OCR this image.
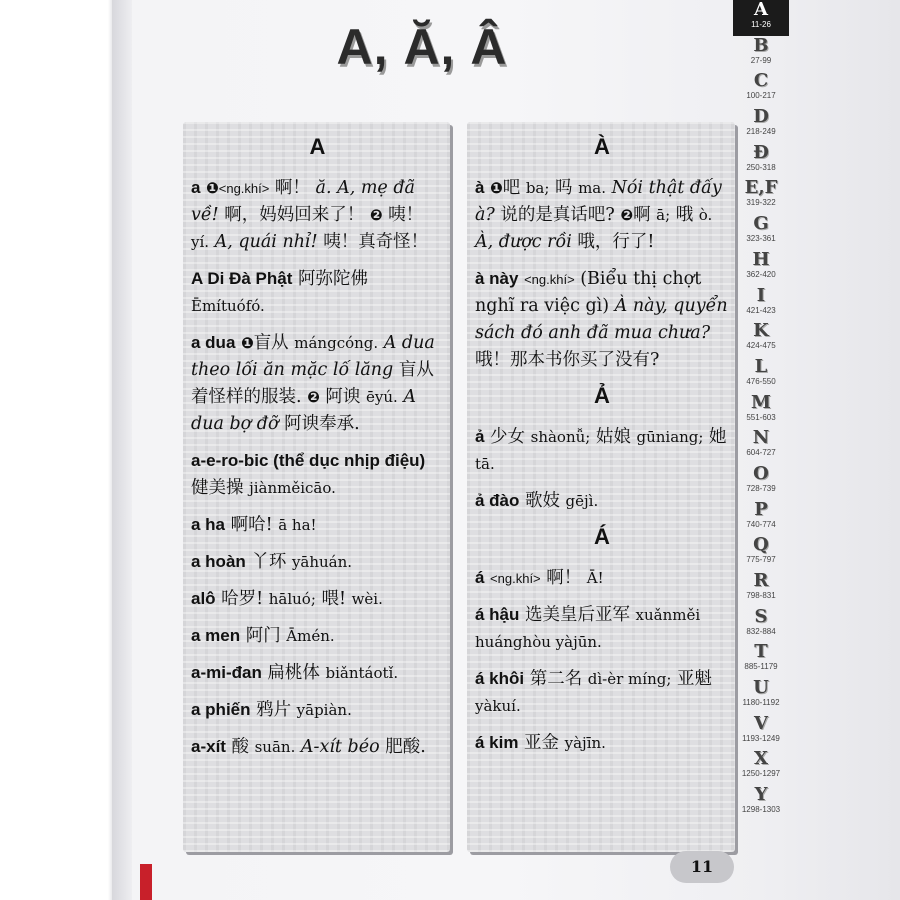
A, Ă, Â
A
a ❶<ng.khí> 啊！ ă. A, mẹ đã về! 啊，妈妈回来了！ ❷ 咦！ yí. A, quái nhỉ! 咦！真奇怪！
A Di Đà Phật 阿弥陀佛 Ēmítuófó.
a dua ❶盲从 mángcóng. A dua theo lối ăn mặc lố lăng 盲从着怪样的服装. ❷ 阿谀 ēyú. A dua bợ đỡ 阿谀奉承.
a-e-ro-bic (thể dục nhịp điệu) 健美操 jiànměicāo.
a ha 啊哈! ā ha!
a hoàn 丫环 yāhuán.
alô 哈罗! hāluó; 喂! wèi.
a men 阿门 Āmén.
a-mi-đan 扁桃体 biǎntáotǐ.
a phiến 鸦片 yāpiàn.
a-xít 酸 suān. A-xít béo 肥酸.
À
à ❶吧 ba; 吗 ma. Nói thật đấy à? 说的是真话吧? ❷啊 ā; 哦 ò. À, được rồi 哦，行了!
à này <ng.khí> (Biểu thị chợt nghĩ ra việc gì) À này, quyển sách đó anh đã mua chưa? 哦！那本书你买了没有?
Ả
ả 少女 shàonǚ; 姑娘 gūniang; 她 tā.
ả đào 歌妓 gējì.
Á
á <ng.khí> 啊！ Ā!
á hậu 选美皇后亚军 xuǎnměi huánghòu yàjūn.
á khôi 第二名 dì-èr míng; 亚魁 yàkuí.
á kim 亚金 yàjīn.
A
11-26
B
27-99
C
100-217
D
218-249
Đ
250-318
E,F
319-322
G
323-361
H
362-420
I
421-423
K
424-475
L
476-550
M
551-603
N
604-727
O
728-739
P
740-774
Q
775-797
R
798-831
S
832-884
T
885-1179
U
1180-1192
V
1193-1249
X
1250-1297
Y
1298-1303
11
